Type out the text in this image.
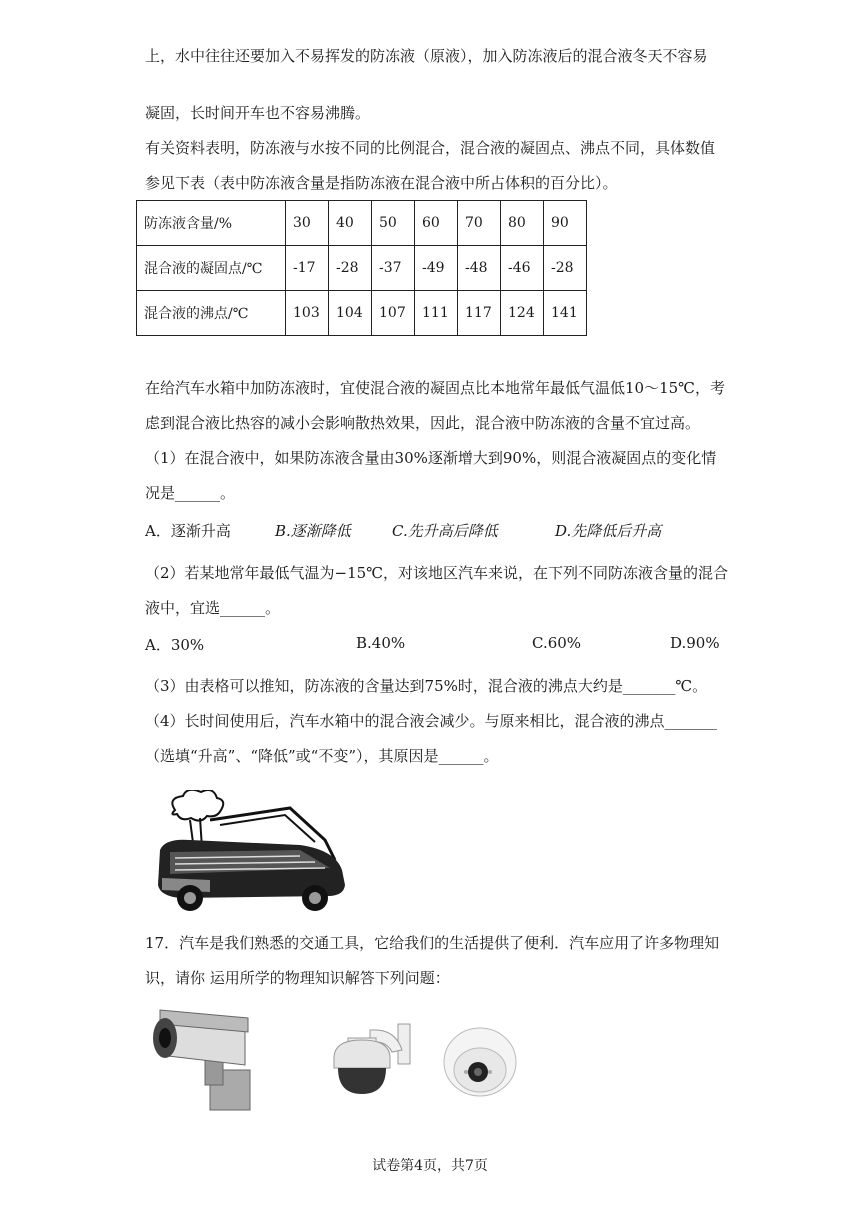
上，水中往往还要加入不易挥发的防冻液（原液），加入防冻液后的混合液冬天不容易

凝固，长时间开车也不容易沸腾。

有关资料表明，防冻液与水按不同的比例混合，混合液的凝固点、沸点不同，具体数值

参见下表（表中防冻液含量是指防冻液在混合液中所占体积的百分比）。

防冻液含量/%	30	40	50	60	70	80	90
混合液的凝固点/℃	-17	-28	-37	-49	-48	-46	-28
混合液的沸点/℃	103	104	107	111	117	124	141

在给汽车水箱中加防冻液时，宜使混合液的凝固点比本地常年最低气温低10～15℃，考

虑到混合液比热容的减小会影响散热效果，因此，混合液中防冻液的含量不宜过高。

（1）在混合液中，如果防冻液含量由30%逐渐增大到90%，则混合液凝固点的变化情

况是______。

A．逐渐升高	B.逐渐降低	C.先升高后降低	D.先降低后升高

（2）若某地常年最低气温为−15℃，对该地区汽车来说，在下列不同防冻液含量的混合

液中，宜选______。

A．30%	B.40%	C.60%	D.90%

（3）由表格可以推知，防冻液的含量达到75%时，混合液的沸点大约是_______℃。

（4）长时间使用后，汽车水箱中的混合液会减少。与原来相比，混合液的沸点_______

（选填“升高”、“降低”或“不变”），其原因是______。

17．汽车是我们熟悉的交通工具，它给我们的生活提供了便利．汽车应用了许多物理知

识，请你 运用所学的物理知识解答下列问题：

试卷第4页，共7页
